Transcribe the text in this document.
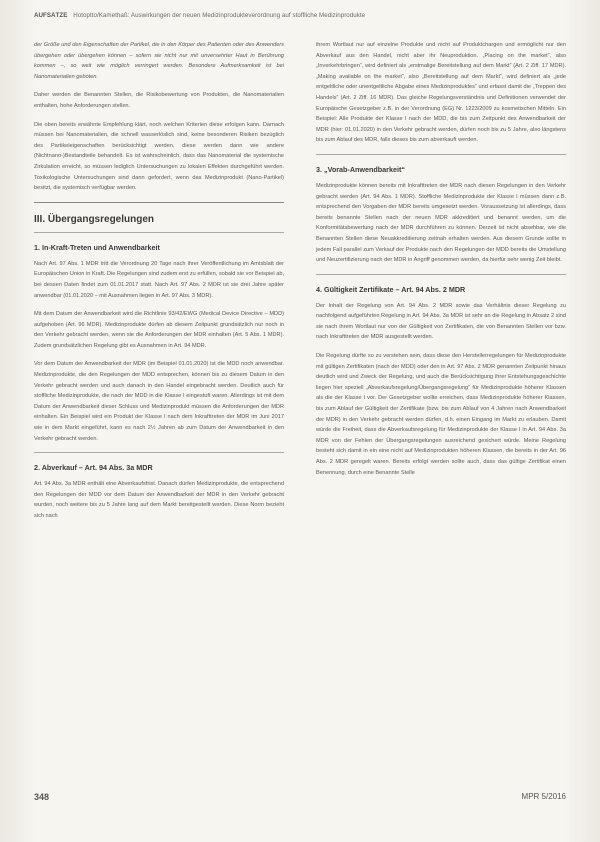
AUFSÄTZE Hotoptto/Kamethaß: Auswirkungen der neuen Medizinprodukteverordnung auf stoffliche Medizinprodukte

der Größe und den Eigenschaften der Partikel, die in den Körper des Patienten oder des Anwenders übergehen oder übergehen können – sofern sie nicht nur mit unversehrter Haut in Berührung kommen –, so weit wie möglich verringert werden. Besondere Aufmerksamkeit ist bei Nanomaterialien geboten.

Daher werden die Benannten Stellen, die Risikobewertung von Produkten, die Nanomaterialien enthalten, hohe Anforderungen stellen.

Die oben bereits erwähnte Empfehlung klärt, noch welchen Kriterien diese erfolgen kann. Darnach müssen bei Nanomaterialien, die schnell wasserlöslich sind, keine besonderen Risiken bezüglich des Partikeleigenschaften berücksichtigt werden, diese werden dann wie andere (Nichtnano-)Bestandteile behandelt. Es ist wahrscheinlich, dass das Nanomaterial die systemische Zirkulation erreicht, so müssen lediglich Untersuchungen zu lokalen Effekten durchgeführt werden. Toxikologische Untersuchungen sind dann gefordert, wenn das Medizinprodukt (Nano-Partikel) besitzt, die systemisch verfügbar werden.

III. Übergangsregelungen
1. In-Kraft-Treten und Anwendbarkeit

Nach Art. 97 Abs. 1 MDR tritt die Verordnung 20 Tage nach ihrer Veröffentlichung im Amtsblatt der Europäischen Union in Kraft. Die Regelungen sind zudem erst zu erfüllen, sobald sie vor Beispiel ab, bei dessen Daten findet zum 01.01.2017 statt. Nach Art. 97 Abs. 2 MDR ist sie drei Jahre später anwendbar (01.01.2020 – mit Ausnahmen liegen in Art. 97 Abs. 3 MDR).

Mit dem Datum der Anwendbarkeit wird die Richtlinie 93/42/EWG (Medical Device Directive – MDD) aufgehoben (Art. 96 MDR). Medizinprodukte dürfen ab diesem Zeitpunkt grundsätzlich nur noch in den Verkehr gebracht werden, wenn sie die Anforderungen der MDR einhalten (Art. 5 Abs. 1 MDR). Zudem grundsätzlichen Regelung gibt es Ausnahmen in Art. 94 MDR.

Vor dem Datum der Anwendbarkeit der MDR (im Beispiel 01.01.2020) ist die MDD noch anwendbar. Medizinprodukte, die den Regelungen der MDD entsprechen, können bis zu diesem Datum in den Verkehr gebracht werden und auch danach in den Handel eingebracht werden. Deutlich auch für stoffliche Medizinprodukte, die nach der MDD in die Klasse I eingestuft waren. Allerdings ist mit dem Datum der Anwendbarkeit dieser Schluss und Medizinprodukt müssen die Anforderungen der MDR einhalten. Ein Beispiel wird ein Produkt der Klasse I nach dem Inkrafttreten der MDR im Juni 2017 wie in dem Markt eingeführt, kann es nach 2½ Jahren ab zum Datum der Anwendbarkeit in den Verkehr gebracht werden.

2. Abverkauf – Art. 94 Abs. 3a MDR

Art. 94 Abs. 3a MDR enthält eine Abverkaufsfrist. Danach dürfen Medizinprodukte, die entsprechend den Regelungen der MDD vor dem Datum der Anwendbarkeit der MDR in den Verkehr gebracht wurden, noch weitere bis zu 5 Jahre lang auf dem Markt bereitgestellt werden. Diese Norm bezieht sich nach

ihrem Wortlaut nur auf einzelne Produkte und nicht auf Produktchargen und ermöglicht nur den Abverkauf aus den Handel, nicht aber ihr Neuproduktion. „Placing on the market“, also „Inverkehrbringen“, wird definiert als „erstmalige Bereitstellung auf dem Markt“ (Art. 2 Ziff. 17 MDR). „Making available on the market“, also „Bereitstellung auf dem Markt“, wird definiert als „jede entgeltliche oder unentgeltliche Abgabe eines Medizinproduktes“ und erfasst damit die „Treppen des Handels“ (Art. 2 Ziff. 16 MDR). Das gleiche Regelungsverständnis und Definitionen verwendet der Europäische Gesetzgeber z.B. in der Verordnung (EG) Nr. 1223/2009 zu kosmetischen Mitteln. Ein Beispiel: Alle Produkte der Klasse I nach der MDD, die bis zum Zeitpunkt des Anwendbarkeit der MDR (hier: 01.01.2020) in den Verkehr gebracht werden, dürfen noch bis zu 5 Jahre, also längstens bis zum Ablauf des MDR, falls dieses bis zum abverkauft werden.

3. „Vorab-Anwendbarkeit“

Medizinprodukte können bereits mit Inkrafttreten der MDR nach diesen Regelungen in den Verkehr gebracht werden (Art. 94 Abs. 1 MDR). Stoffliche Medizinprodukte der Klasse I müssen dann z.B. entsprechend den Vorgaben der MDR bereits umgesetzt werden. Voraussetzung ist allerdings, dass bereits benannte Stellen nach der neuen MDR akkreditiert und benannt werden, um die Konformitätsbewertung nach der MDR durchführen zu können. Derzeit ist nicht absehbar, wie die Benannten Stellen diese Neuakkreditierung zeitnah erhalten werden. Aus diesem Grunde sollte in jedem Fall parallel zum Verkauf der Produkte nach den Regelungen der MDD bereits die Umstellung und Neuzertifizierung nach der MDR in Angriff genommen werden, da hierfür sehr wenig Zeit bleibt.

4. Gültigkeit Zertifikate – Art. 94 Abs. 2 MDR

Der Inhalt der Regelung von Art. 94 Abs. 2 MDR sowie das Verhältnis dieser Regelung zu nachfolgend aufgeführten Regelung in Art. 94 Abs. 3a MDR ist sehr an die Regelung in Absatz 2 sind sie nach ihrem Wortlaut nur von der Gültigkeit von Zertifikaten, die von Benannten Stellen vor bzw. nach Inkrafttreten der MDR ausgestellt werden.

Die Regelung dürfte so zu verstehen sein, dass diese den Herstellerregelungen für Medizinprodukte mit gültigen Zertifikaten (nach der MDD) oder den in Art. 97 Abs. 2 MDR genannten Zeitpunkt hinaus deutlich wird und Zweck der Regelung, und auch die Berücksichtigung ihrer Entstehungsgeschichte liegen hier speziell „Abverkaufsregelung/Übergangsregelung“ für Medizinprodukte höherer Klassen als die der Klasse I vor. Der Gesetzgeber wollte erreichen, dass Medizinprodukte höherer Klassen, bis zum Ablauf der Gültigkeit der Zertifikate (bzw. bis zum Ablauf von 4 Jahren nach Anwendbarkeit der MDR) in den Verkehr gebracht werden dürfen, d.h. einen Eingang im Markt zu erlauben. Damit würde die Freiheit, dass die Abverkaufsregelung für Medizinprodukte der Klasse I in Art. 94 Abs. 3a MDR von der Fehlen der Übergangsregelungen ausreichend gesichert würde. Meine Regelung besteht sich damit in ein eine nicht auf Medizinprodukten höheren Klassen, die bereits in der Art. 96 Abs. 2 MDR geregelt waren. Bereits erfolgt werden sollte auch, dass das gültige Zertifikat einen Benennung, durch eine Benannte Stelle

348	MPR 5/2016
